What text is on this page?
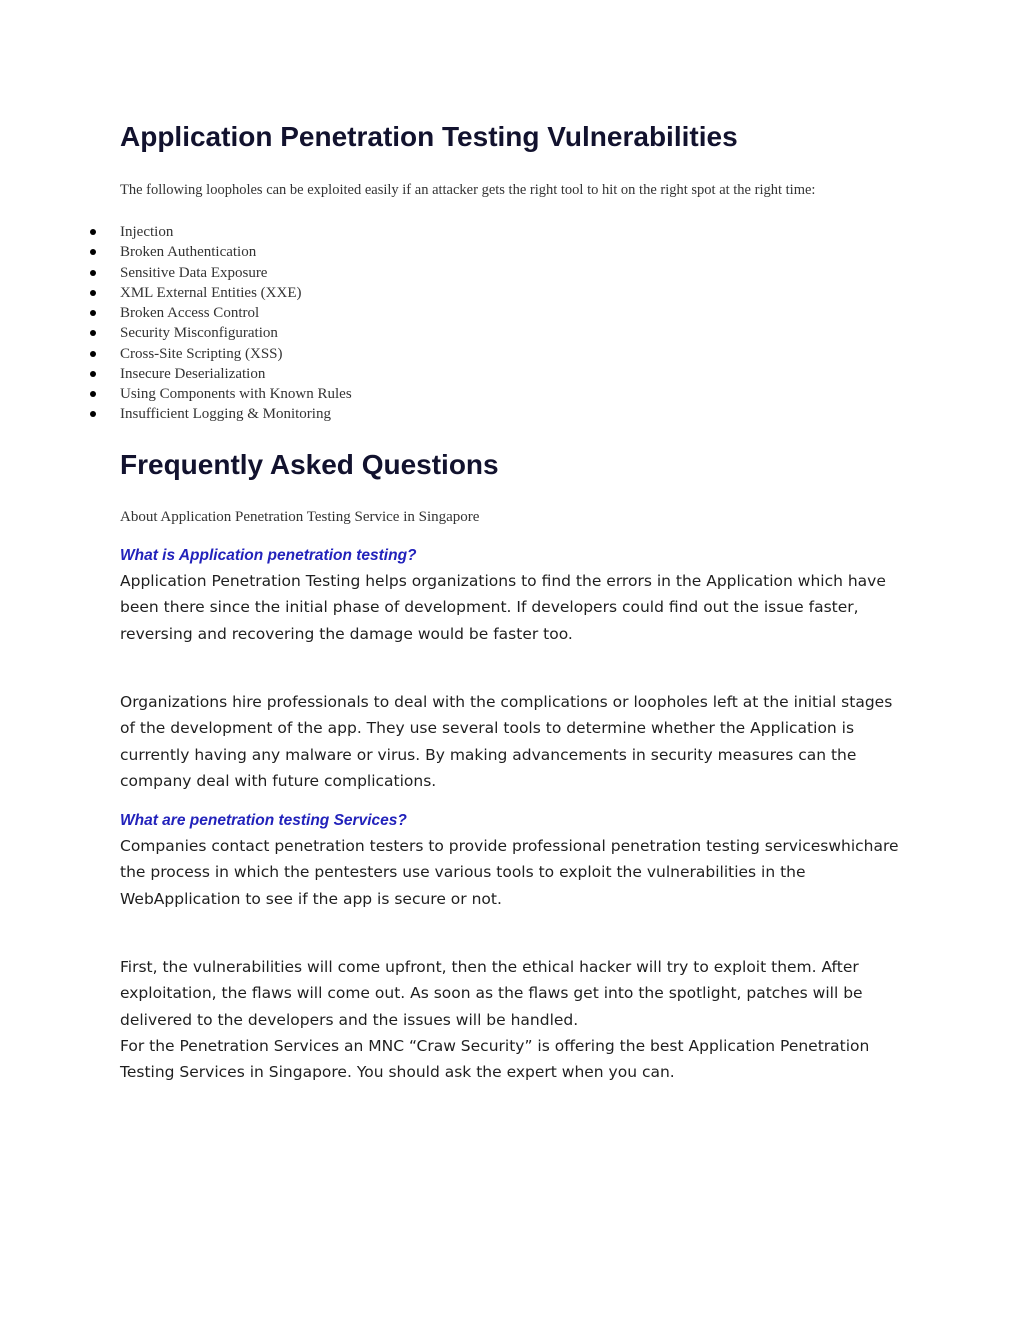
Application Penetration Testing Vulnerabilities

The following loopholes can be exploited easily if an attacker gets the right tool to hit on the right spot at the right time:

Injection
Broken Authentication
Sensitive Data Exposure
XML External Entities (XXE)
Broken Access Control
Security Misconfiguration
Cross-Site Scripting (XSS)
Insecure Deserialization
Using Components with Known Rules
Insufficient Logging & Monitoring
Frequently Asked Questions

About Application Penetration Testing Service in Singapore

What is Application penetration testing?

Application Penetration Testing helps organizations to find the errors in the Application which have been there since the initial phase of development. If developers could find out the issue faster, reversing and recovering the damage would be faster too.

Organizations hire professionals to deal with the complications or loopholes left at the initial stages of the development of the app. They use several tools to determine whether the Application is currently having any malware or virus. By making advancements in security measures can the company deal with future complications.

What are penetration testing Services?

Companies contact penetration testers to provide professional penetration testing serviceswhichare the process in which the pentesters use various tools to exploit the vulnerabilities in the WebApplication to see if the app is secure or not.

First, the vulnerabilities will come upfront, then the ethical hacker will try to exploit them. After exploitation, the flaws will come out. As soon as the flaws get into the spotlight, patches will be delivered to the developers and the issues will be handled.

For the Penetration Services an MNC “Craw Security” is offering the best Application Penetration Testing Services in Singapore. You should ask the expert when you can.
